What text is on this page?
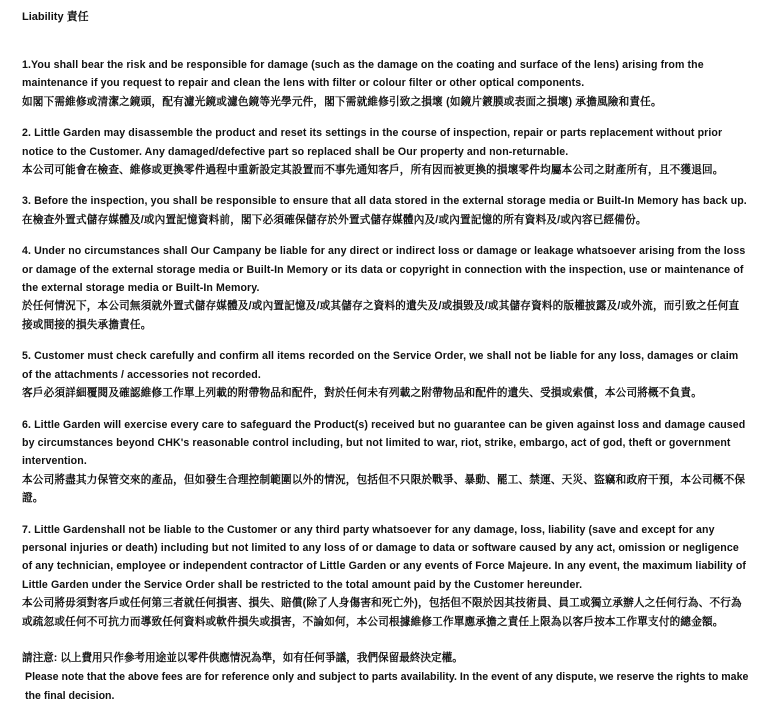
Liability 責任

1.You shall bear the risk and be responsible for damage (such as the damage on the coating and surface of the lens) arising from the maintenance if you request to repair and clean the lens with filter or colour filter or other optical components.
如閣下需維修或清潔之鏡頭，配有濾光鏡或濾色鏡等光學元件，閣下需就維修引致之損壞 (如鏡片鍍膜或表面之損壞) 承擔風險和責任。

2. Little Garden may disassemble the product and reset its settings in the course of inspection, repair or parts replacement without prior notice to the Customer. Any damaged/defective part so replaced shall be Our property and non-returnable.
本公司可能會在檢查、維修或更換零件過程中重新設定其設置而不事先通知客戶，所有因而被更換的損壞零件均屬本公司之財產所有，且不獲退回。

3. Before the inspection, you shall be responsible to ensure that all data stored in the external storage media or Built-In Memory has back up.
在檢查外置式儲存媒體及/或內置記憶資料前，閣下必須確保儲存於外置式儲存媒體內及/或內置記憶的所有資料及/或內容已經備份。

4. Under no circumstances shall Our Campany be liable for any direct or indirect loss or damage or leakage whatsoever arising from the loss or damage of the external storage media or Built-In Memory or its data or copyright in connection with the inspection, use or maintenance of the external storage media or Built-In Memory.
於任何情況下，本公司無須就外置式儲存媒體及/或內置記憶及/或其儲存之資料的遺失及/或損毀及/或其儲存資料的版權披露及/或外流，而引致之任何直接或間接的損失承擔責任。

5. Customer must check carefully and confirm all items recorded on the Service Order, we shall not be liable for any loss, damages or claim of the attachments / accessories not recorded.
客戶必須詳細覆閱及確認維修工作單上列載的附帶物品和配件，對於任何未有列載之附帶物品和配件的遺失、受損或索償，本公司將概不負責。

6. Little Garden will exercise every care to safeguard the Product(s) received but no guarantee can be given against loss and damage caused by circumstances beyond CHK's reasonable control including, but not limited to war, riot, strike, embargo, act of god, theft or government intervention.
本公司將盡其力保管交來的產品，但如發生合理控制範圍以外的情況，包括但不只限於戰爭、暴動、罷工、禁運、天災、盜竊和政府干預，本公司概不保證。

7. Little Gardenshall not be liable to the Customer or any third party whatsoever for any damage, loss, liability (save and except for any personal injuries or death) including but not limited to any loss of or damage to data or software caused by any act, omission or negligence of any technician, employee or independent contractor of Little Garden or any events of Force Majeure. In any event, the maximum liability of Little Garden under the Service Order shall be restricted to the total amount paid by the Customer hereunder.
本公司將毋須對客戶或任何第三者就任何損害、損失、賠償(除了人身傷害和死亡外)，包括但不限於因其技術員、員工或獨立承辦人之任何行為、不行為或疏忽或任何不可抗力而導致任何資料或軟件損失或損害，不論如何，本公司根據維修工作單應承擔之責任上限為以客戶按本工作單支付的總金額。

請注意: 以上費用只作參考用途並以零件供應情況為準，如有任何爭議，我們保留最終決定權。
Please note that the above fees are for reference only and subject to parts availability. In the event of any dispute, we reserve the rights to make the final decision.
